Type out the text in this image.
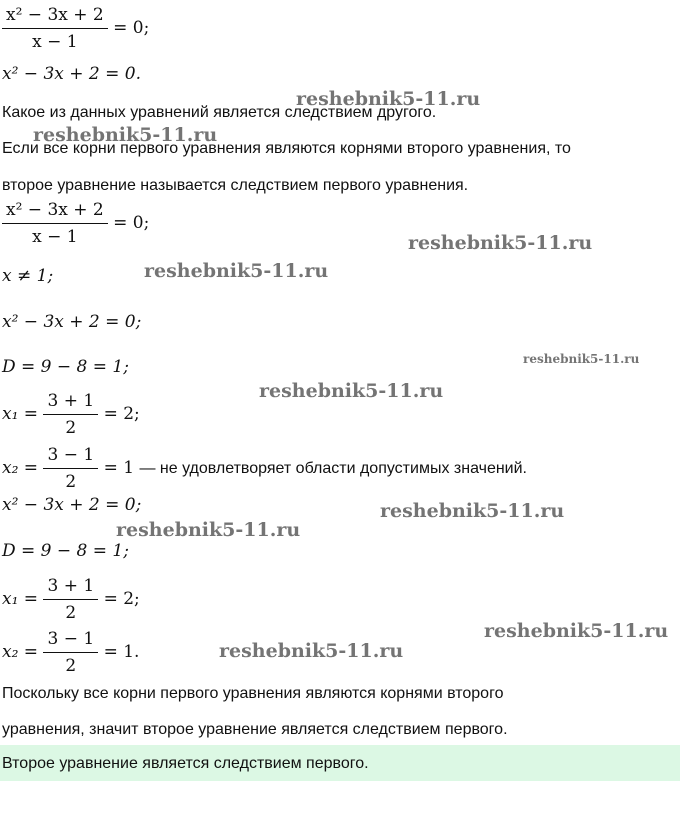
$\frac{\text{x² − 3x + 2}}{x - 1} = 0$;
x² − 3x + 2 = 0.
Какое из данных уравнений является следствием другого.
Если все корни первого уравнения являются корнями второго уравнения, то
второе уравнение называется следствием первого уравнения.
$\frac{\text{x² − 3x + 2}}{x - 1} = 0$;
x ≠ 1;
x² − 3x + 2 = 0;
D = 9 − 8 = 1;
$x_1 = \frac{3 + 1}{2} = 2$;
$x_2 = \frac{3 - 1}{2} = 1$ — не удовлетворяет области допустимых значений.
x² − 3x + 2 = 0;
D = 9 − 8 = 1;
$x_1 = \frac{3 + 1}{2} = 2$;
$x_2 = \frac{3 - 1}{2} = 1$.
Поскольку все корни первого уравнения являются корнями второго
уравнения, значит второе уравнение является следствием первого.
Второе уравнение является следствием первого.
reshebnik5-11.ru
reshebnik5-11.ru
reshebnik5-11.ru
reshebnik5-11.ru
reshebnik5-11.ru
reshebnik5-11.ru
reshebnik5-11.ru
reshebnik5-11.ru
reshebnik5-11.ru
reshebnik5-11.ru
